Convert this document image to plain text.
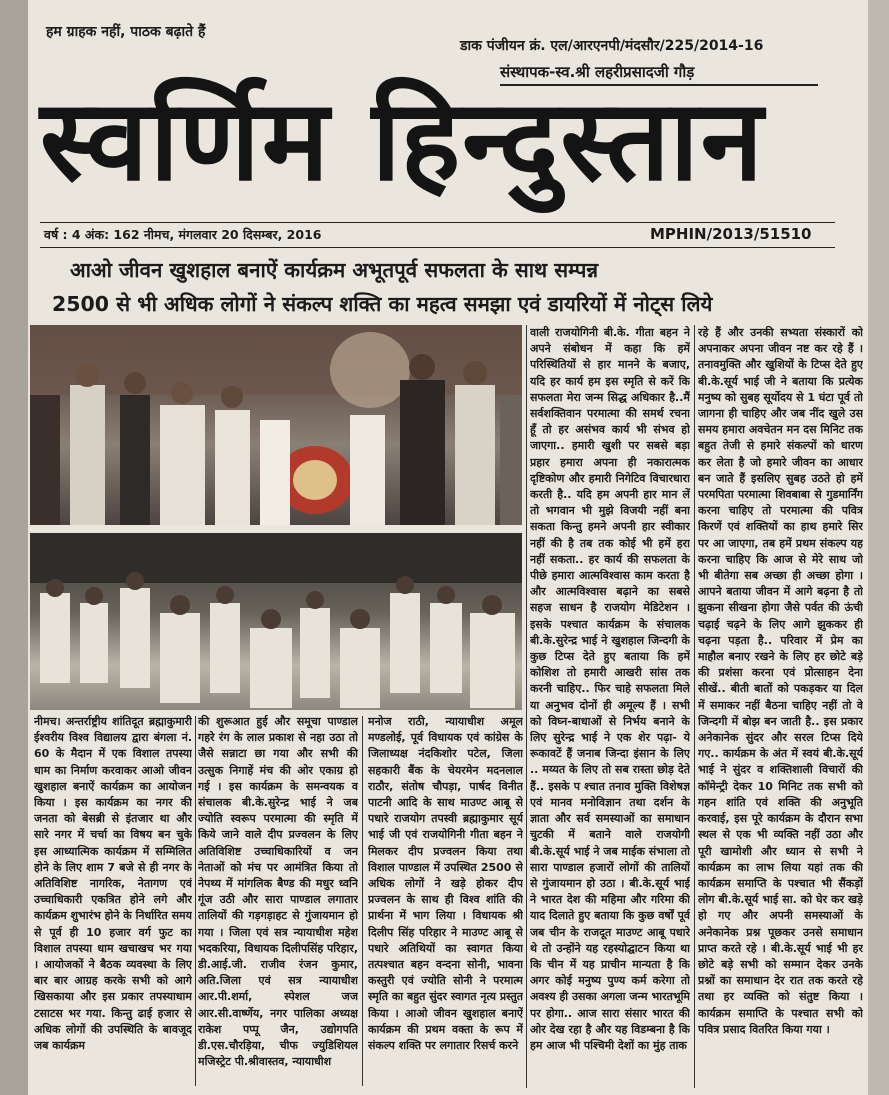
हम ग्राहक नहीं, पाठक बढ़ाते हैं
डाक पंजीयन क्रं. एल/आरएनपी/मंदसौर/225/2014-16
संस्थापक-स्व.श्री लहरीप्रसादजी गौड़
स्वर्णिम हिन्दुस्तान
वर्ष : 4 अंक: 162 नीमच, मंगलवार 20 दिसम्बर, 2016	MPHIN/2013/51510
आओ जीवन खुशहाल बनाऐं कार्यक्रम अभूतपूर्व सफलता के साथ सम्पन्न
2500 से भी अधिक लोगों ने संकल्प शक्ति का महत्व समझा एवं डायरियों में नोट्स लिये
नीमच। अन्तर्राष्ट्रीय शांतिदूत ब्रह्माकुमारी ईश्वरीय विश्व विद्यालय द्वारा बंगला नं. 60 के मैदान में एक विशाल तपस्या धाम का निर्माण करवाकर आओ जीवन खुशहाल बनाऐं कार्यक्रम का आयोजन किया । इस कार्यक्रम का नगर की जनता को बेसब्री से इंतजार था और सारे नगर में चर्चा का विषय बन चुके इस आध्यात्मिक कार्यक्रम में सम्मिलित होने के लिए शाम 7 बजे से ही नगर के अतिविशिष्ट नागरिक, नेतागण एवं उच्चाधिकारी एकत्रित होने लगे और कार्यक्रम शुभारंभ होने के निर्धारित समय से पूर्व ही 10 हजार वर्ग फुट का विशाल तपस्या धाम खचाखच भर गया । आयोजकों ने बैठक व्यवस्था के लिए बार बार आग्रह करके सभी को आगे खिसकाया और इस प्रकार तपस्याधाम टसाटस भर गया. किन्तु ढाई हजार से अधिक लोगों की उपस्थिति के बावजूद जब कार्यक्रम
की शुरूआत हुई और समूचा पाण्डाल गहरे रंग के लाल प्रकाश से नहा उठा तो जैसे सन्नाटा छा गया और सभी की उत्सुक निगाहें मंच की ओर एकाग्र हो गई । इस कार्यक्रम के समन्वयक व संचालक बी.के.सुरेन्द्र भाई ने जब ज्योति स्वरूप परमात्मा की स्मृति में किये जाने वाले दीप प्रज्वलन के लिए अतिविशिष्ट उच्चाधिकारियों व जन नेताओं को मंच पर आमंत्रित किया तो नेपथ्य में मांगलिक बैण्ड की मधुर ध्वनि गूंज उठी और सारा पाण्डाल लगातार तालियों की गड़गड़ाहट से गुंजायमान हो गया । जिला एवं सत्र न्यायाधीश महेश भदकरिया, विधायक दिलीपसिंह परिहार, डी.आई.जी. राजीव रंजन कुमार, अति.जिला एवं सत्र न्यायाधीश आर.पी.शर्मा, स्पेशल जज आर.सी.वार्ष्णेय, नगर पालिका अध्यक्ष राकेश पप्पू जैन, उद्योगपति डी.एस.चौरड़िया, चीफ ज्युडिशियल मजिस्ट्रेट पी.श्रीवास्तव, न्यायाधीश
मनोज राठी, न्यायाधीश अमूल मण्डलोई, पूर्व विधायक एवं कांग्रेस के जिलाध्यक्ष नंदकिशोर पटेल, जिला सहकारी बैंक के चेयरमेन मदनलाल राठौर, संतोष चौपड़ा, पार्षद विनीत पाटनी आदि के साथ माउण्ट आबू से पधारे राजयोग तपस्वी ब्रह्माकुमार सूर्य भाई जी एवं राजयोगिनी गीता बहन ने मिलकर दीप प्रज्वलन किया तथा विशाल पाण्डाल में उपस्थित 2500 से अधिक लोगों ने खड़े होकर दीप प्रज्वलन के साथ ही विश्व शांति की प्रार्थना में भाग लिया । विधायक श्री दिलीप सिंह परिहार ने माउण्ट आबू से पधारे अतिथियों का स्वागत किया तत्पश्चात बहन वन्दना सोनी, भावना कस्तुरी एवं ज्योति सोनी ने परमात्म स्मृति का बहुत सुंदर स्वागत नृत्य प्रस्तुत किया । आओ जीवन खुशहाल बनाऐं कार्यक्रम की प्रथम वक्ता के रूप में संकल्प शक्ति पर लगातार रिसर्च करने
वाली राजयोगिनी बी.के. गीता बहन ने अपने संबोधन में कहा कि हमें परिस्थितियों से हार मानने के बजाए, यदि हर कार्य हम इस स्मृति से करें कि सफलता मेरा जन्म सिद्ध अधिकार है..मैं सर्वशक्तिवान परमात्मा की समर्थ रचना हूँ तो हर असंभव कार्य भी संभव हो जाएगा.. हमारी खुशी पर सबसे बड़ा प्रहार हमारा अपना ही नकारात्मक दृष्टिकोण और हमारी निगेटिव विचारधारा करती है.. यदि हम अपनी हार मान लें तो भगवान भी मुझे विजयी नहीं बना सकता किन्तु हमने अपनी हार स्वीकार नहीं की है तब तक कोई भी हमें हरा नहीं सकता.. हर कार्य की सफलता के पीछे हमारा आत्मविश्वास काम करता है और आत्मविश्वास बढ़ाने का सबसे सहज साधन है राजयोग मेडिटेशन । इसके पश्चात कार्यक्रम के संचालक बी.के.सुरेन्द्र भाई ने खुशहाल जिन्दगी के कुछ टिप्स देते हुए बताया कि हमें कोशिश तो हमारी आखरी सांस तक करनी चाहिए.. फिर चाहे सफलता मिले या अनुभव दोनों ही अमूल्य हैं । सभी को विघ्न-बाधाओं से निर्भय बनाने के लिए सुरेन्द्र भाई ने एक शेर पढ़ा- ये रूकावटें हैं जनाब जिन्दा इंसान के लिए .. मय्यत के लिए तो सब रास्ता छोड़ देते हैं.. इसके प श्चात तनाव मुक्ति विशेषज्ञ एवं मानव मनोविज्ञान तथा दर्शन के ज्ञाता और सर्व समस्याओं का समाधान चुटकी में बताने वाले राजयोगी बी.के.सूर्य भाई ने जब माईक संभाला तो सारा पाण्डाल हजारों लोगों की तालियों से गुंजायमान हो उठा । बी.के.सूर्य भाई ने भारत देश की महिमा और गरिमा की याद दिलाते हुए बताया कि कुछ वर्षों पूर्व जब चीन के राजदूत माउण्ट आबू पधारे थे तो उन्होंने यह रहस्योद्घाटन किया था कि चीन में यह प्राचीन मान्यता है कि अगर कोई मनुष्य पुण्य कर्म करेगा तो अवश्य ही उसका अगला जन्म भारतभूमि पर होगा.. आज सारा संसार भारत की ओर देख रहा है और यह विडम्बना है कि हम आज भी पश्चिमी देशों का मुंह ताक
रहे हैं और उनकी सभ्यता संस्कारों को अपनाकर अपना जीवन नष्ट कर रहे हैं । तनावमुक्ति और खुशियों के टिप्स देते हुए बी.के.सूर्य भाई जी ने बताया कि प्रत्येक मनुष्य को सुबह सूर्योदय से 1 घंटा पूर्व तो जागना ही चाहिए और जब नींद खुले उस समय हमारा अवचेतन मन दस मिनिट तक बहुत तेजी से हमारे संकल्पों को धारण कर लेता है जो हमारे जीवन का आधार बन जाते हैं इसलिए सुबह उठते हो हमें परमपिता परमात्मा शिवबाबा से गुडमार्निंग करना चाहिए तो परमात्मा की पवित्र किरणें एवं शक्तियों का हाथ हमारे सिर पर आ जाएगा, तब हमें प्रथम संकल्प यह करना चाहिए कि आज से मेरे साथ जो भी बीतेगा सब अच्छा ही अच्छा होगा । आपने बताया जीवन में आगे बढ़ना है तो झुकना सीखना होगा जैसे पर्वत की ऊंची चढ़ाई चढ़ने के लिए आगे झुककर ही चढ़ना पड़ता है.. परिवार में प्रेम का माहौल बनाए रखने के लिए हर छोटे बड़े की प्रशंसा करना एवं प्रोत्साहन देना सीखें.. बीती बातों को पकड़कर या दिल में समाकर नहीं बैठना चाहिए नहीं तो वे जिन्दगी में बोझ बन जाती है.. इस प्रकार अनेकानेक सुंदर और सरल टिप्स दिये गए.. कार्यक्रम के अंत में स्वयं बी.के.सूर्य भाई ने सुंदर व शक्तिशाली विचारों की कॉमेन्ट्री देकर 10 मिनिट तक सभी को गहन शांति एवं शक्ति की अनुभूति करवाई, इस पूरे कार्यक्रम के दौरान सभा स्थल से एक भी व्यक्ति नहीं उठा और पूरी खामोशी और ध्यान से सभी ने कार्यक्रम का लाभ लिया यहां तक की कार्यक्रम समाप्ति के पश्चात भी सैंकड़ों लोग बी.के.सूर्य भाई सा. को घेर कर खड़े हो गए और अपनी समस्याओं के अनेकानेक प्रश्न पूछकर उनसे समाधान प्राप्त करते रहे । बी.के.सूर्य भाई भी हर छोटे बड़े सभी को सम्मान देकर उनके प्रश्नों का समाधान देर रात तक करते रहे तथा हर व्यक्ति को संतुष्ट किया । कार्यक्रम समाप्ति के पश्चात सभी को पवित्र प्रसाद वितरित किया गया ।
